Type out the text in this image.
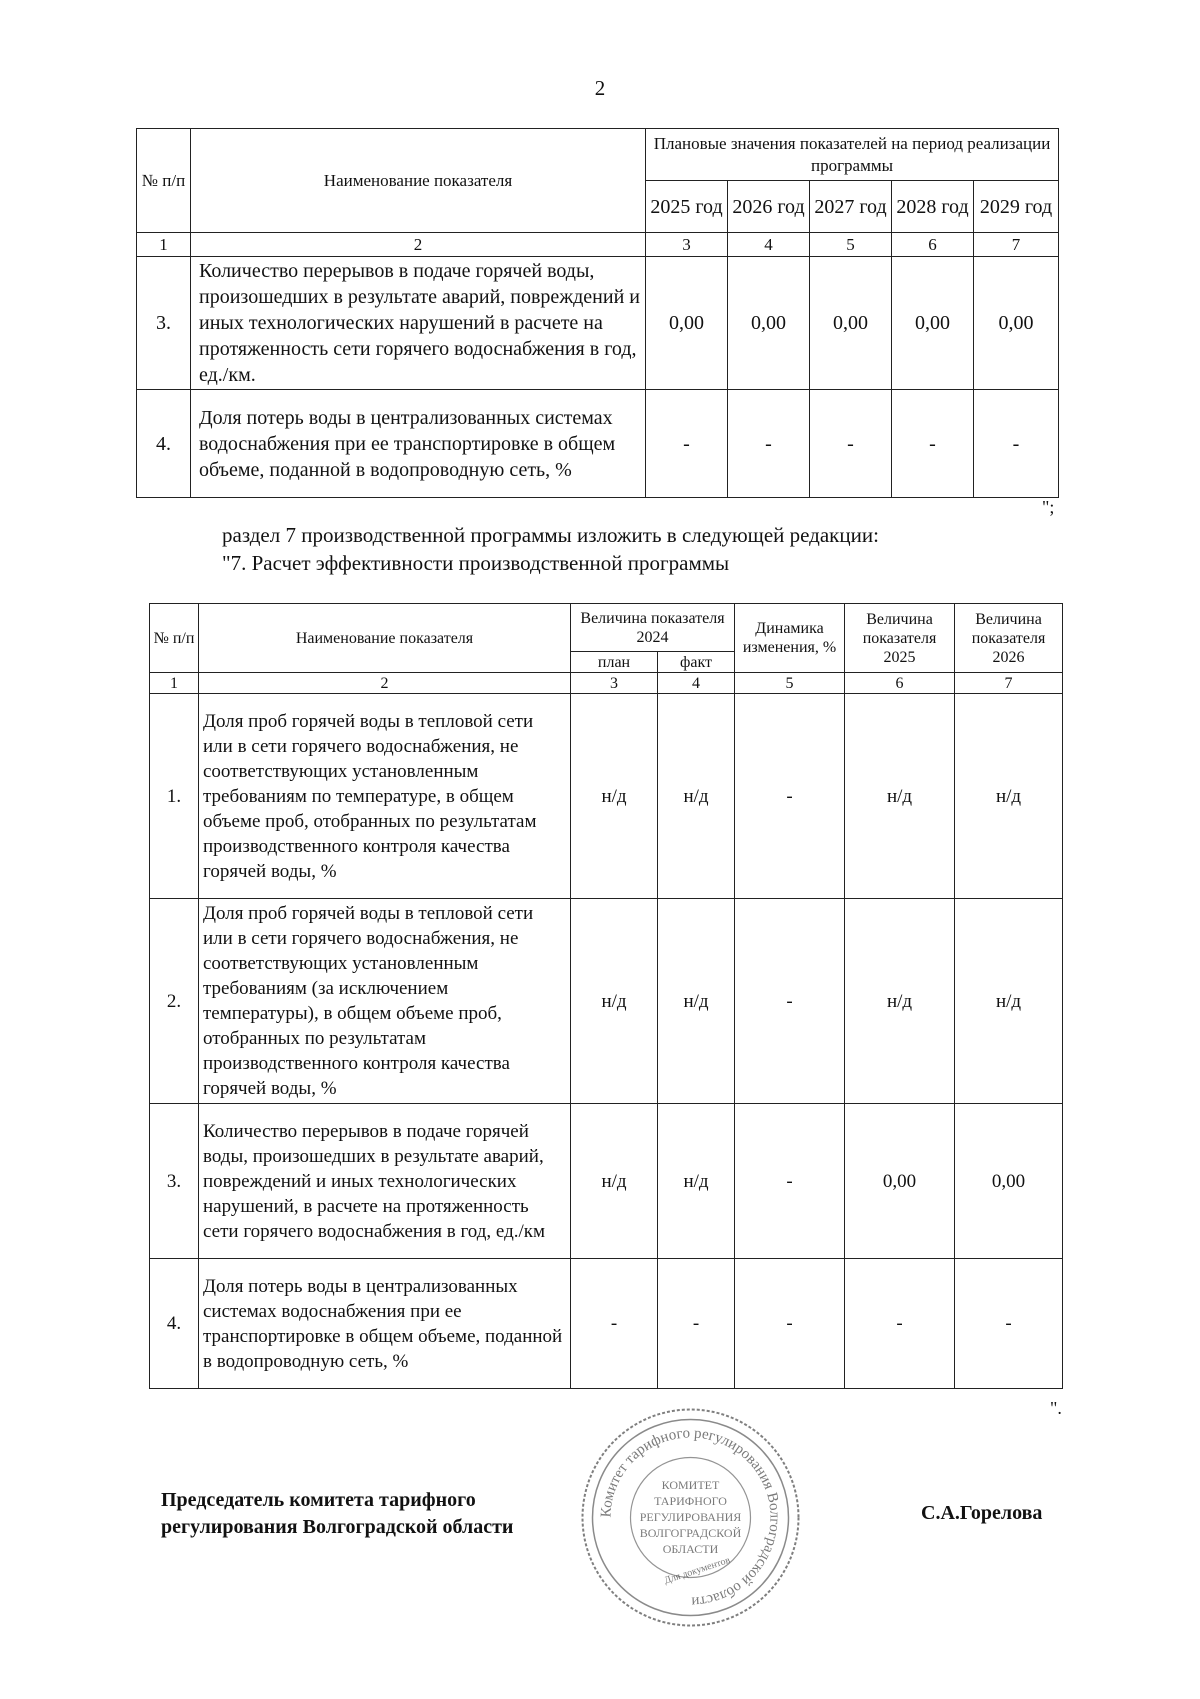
2
№ п/п	Наименование показателя	Плановые значения показателей на период реализации программы				
		2025 год	2026 год	2027 год	2028 год	2029 год
1	2	3	4	5	6	7
3.	Количество перерывов в подаче горячей воды, произошедших в результате аварий, повреждений и иных технологических нарушений в расчете на протяженность сети горячего водоснабжения в год, ед./км.	0,00	0,00	0,00	0,00	0,00
4.	Доля потерь воды в централизованных системах водоснабжения при ее транспортировке в общем объеме, поданной в водопроводную сеть, %	-	-	-	-	-
";
раздел 7 производственной программы изложить в следующей редакции:
"7. Расчет эффективности производственной программы
№ п/п	Наименование показателя	Величина показателя 2024		Динамика изменения, %	Величина показателя 2025	Величина показателя 2026
		план	факт			
1	2	3	4	5	6	7
1.	Доля проб горячей воды в тепловой сети или в сети горячего водоснабжения, не соответствующих установленным требованиям по температуре, в общем объеме проб, отобранных по результатам производственного контроля качества горячей воды, %	н/д	н/д	-	н/д	н/д
2.	Доля проб горячей воды в тепловой сети или в сети горячего водоснабжения, не соответствующих установленным требованиям (за исключением температуры), в общем объеме проб, отобранных по результатам производственного контроля качества горячей воды, %	н/д	н/д	-	н/д	н/д
3.	Количество перерывов в подаче горячей воды, произошедших в результате аварий, повреждений и иных технологических нарушений, в расчете на протяженность сети горячего водоснабжения в год, ед./км	н/д	н/д	-	0,00	0,00
4.	Доля потерь воды в централизованных системах водоснабжения при ее транспортировке в общем объеме, поданной в водопроводную сеть, %	-	-	-	-	-
".
Комитет тарифного регулирования Волгоградской области
КОМИТЕТ
ТАРИФНОГО
РЕГУЛИРОВАНИЯ
ВОЛГОГРАДСКОЙ
ОБЛАСТИ
Для документов
Председатель комитета тарифного
регулирования Волгоградской области
С.А.Горелова
